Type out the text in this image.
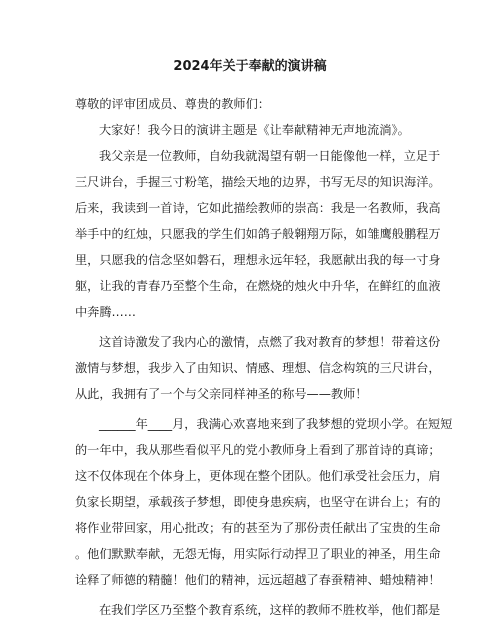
2024年关于奉献的演讲稿
尊敬的评审团成员、尊贵的教师们：
大家好！我今日的演讲主题是《让奉献精神无声地流淌》。
我父亲是一位教师，自幼我就渴望有朝一日能像他一样，立足于
三尺讲台，手握三寸粉笔，描绘天地的边界，书写无尽的知识海洋。
后来，我读到一首诗，它如此描绘教师的崇高：我是一名教师，我高
举手中的红烛，只愿我的学生们如鸽子般翱翔万际，如雏鹰般鹏程万
里，只愿我的信念坚如磐石，理想永远年轻，我愿献出我的每一寸身
躯，让我的青春乃至整个生命，在燃烧的烛火中升华，在鲜红的血液
中奔腾……
这首诗激发了我内心的激情，点燃了我对教育的梦想！带着这份
激情与梦想，我步入了由知识、情感、理想、信念构筑的三尺讲台，
从此，我拥有了一个与父亲同样神圣的称号——教师！
______年____月，我满心欢喜地来到了我梦想的党坝小学。在短短
的一年中，我从那些看似平凡的党小教师身上看到了那首诗的真谛；
这不仅体现在个体身上，更体现在整个团队。他们承受社会压力，肩
负家长期望，承载孩子梦想，即使身患疾病，也坚守在讲台上；有的
将作业带回家，用心批改；有的甚至为了那份责任献出了宝贵的生命
。他们默默奉献，无怨无悔，用实际行动捍卫了职业的神圣，用生命
诠释了师德的精髓！他们的精神，远远超越了春蚕精神、蜡烛精神！
在我们学区乃至整个教育系统，这样的教师不胜枚举，他们都是
